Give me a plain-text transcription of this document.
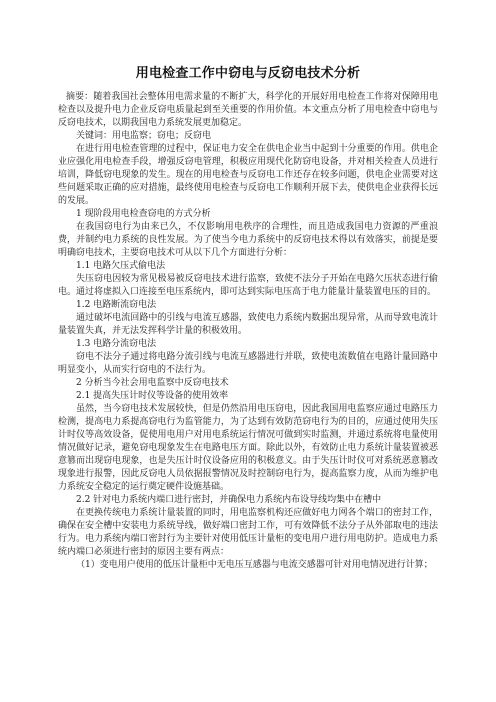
用电检查工作中窃电与反窃电技术分析

摘要：随着我国社会整体用电需求量的不断扩大，科学化的开展好用电检查工作将对保障用电检查以及提升电力企业反窃电质量起到至关重要的作用价值。本文重点分析了用电检查中窃电与反窃电技术，以期我国电力系统发展更加稳定。

关键词：用电监察；窃电；反窃电

在进行用电检查管理的过程中，保证电力安全在供电企业当中起到十分重要的作用。供电企业应强化用电检查手段，增强反窃电管理，积极应用现代化防窃电设备，并对相关检查人员进行培训，降低窃电现象的发生。现在的用电检查与反窃电工作还存在较多问题，供电企业需要对这些问题采取正确的应对措施，最终使用电检查与反窃电工作顺利开展下去，使供电企业获得长远的发展。

1 现阶段用电检查窃电的方式分析

在我国窃电行为由来已久，不仅影响用电秩序的合理性，而且造成我国电力资源的严重浪费，并制约电力系统的良性发展。为了使当今电力系统中的反窃电技术得以有效落实，前提是要明确窃电技术，主要窃电技术可从以下几个方面进行分析：

1.1 电路欠压式偷电法

失压窃电因较为常见极易被反窃电技术进行监察，致使不法分子开始在电路欠压状态进行偷电。通过将虚拟入口连接至电压系统内，即可达到实际电压高于电力能量计量装置电压的目的。

1.2 电路断流窃电法

通过破坏电流回路中的引线与电流互感器，致使电力系统内数据出现异常，从而导致电流计量装置失真，并无法发挥科学计量的积极效用。

1.3 电路分流窃电法

窃电不法分子通过将电路分流引线与电流互感器进行并联，致使电流数值在电路计量回路中明显变小，从而实行窃电的不法行为。

2 分析当今社会用电监察中反窃电技术

2.1 提高失压计时仪等设备的使用效率

虽然，当今窃电技术发展较快，但是仍然沿用电压窃电，因此我国用电监察应通过电路压力检测，提高电力系提高窃电行为监管能力，为了达到有效防范窃电行为的目的，应通过使用失压计时仪等高效设备，促使用电用户对用电系统运行情况可做到实时监测，并通过系统将电量使用情况做好记录，避免窃电现象发生在电路电压方面。除此以外，有效防止电力系统计量装置被恶意篡而出现窃电现象，也是失压计时仪设备应用的积极意义。由于失压计时仪可对系统恶意篡改现象进行报警，因此反窃电人员依据报警情况及时控制窃电行为，提高监察力度，从而为维护电力系统安全稳定的运行奠定硬件设施基础。

2.2 针对电力系统内端口进行密封，并确保电力系统内布设导线均集中在槽中

在更换传统电力系统计量装置的同时，用电监察机构还应做好电力网各个端口的密封工作，确保在安全槽中安装电力系统导线，做好端口密封工作，可有效降低不法分子从外部取电的违法行为。电力系统内端口密封行为主要针对使用低压计量柜的变电用户进行用电防护。造成电力系统内端口必须进行密封的原因主要有两点：

（1）变电用户使用的低压计量柜中无电压互感器与电流交感器可针对用电情况进行计算；
